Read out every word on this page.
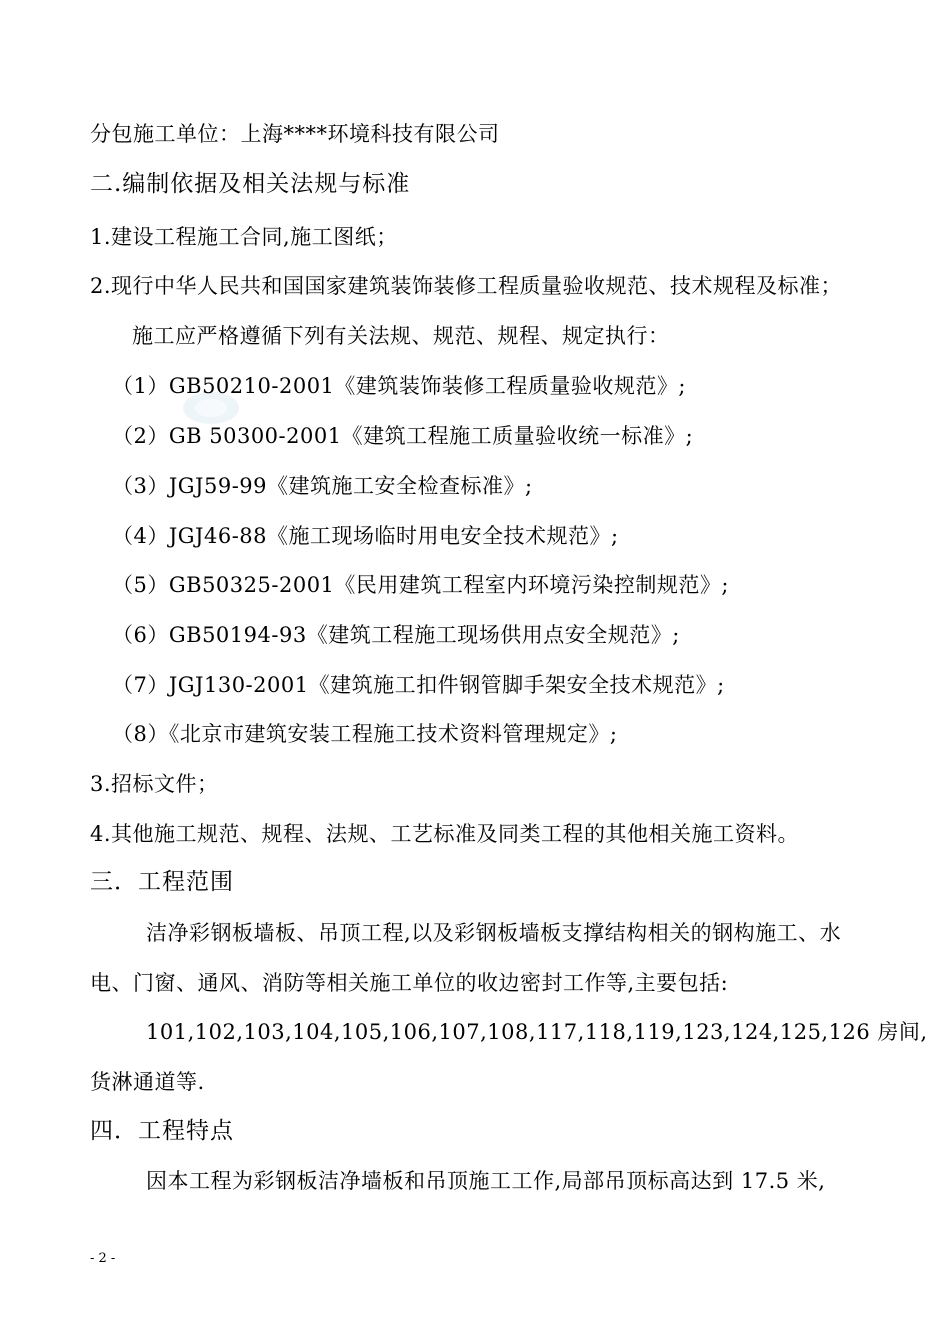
分包施工单位：上海****环境科技有限公司

二.编制依据及相关法规与标准

1.建设工程施工合同,施工图纸；

2.现行中华人民共和国国家建筑装饰装修工程质量验收规范、技术规程及标准；

施工应严格遵循下列有关法规、规范、规程、规定执行：

（1）GB50210-2001《建筑装饰装修工程质量验收规范》;

（2）GB 50300-2001《建筑工程施工质量验收统一标准》;

（3）JGJ59-99《建筑施工安全检查标准》;

（4）JGJ46-88《施工现场临时用电安全技术规范》;

（5）GB50325-2001《民用建筑工程室内环境污染控制规范》;

（6）GB50194-93《建筑工程施工现场供用点安全规范》;

（7）JGJ130-2001《建筑施工扣件钢管脚手架安全技术规范》;

（8）《北京市建筑安装工程施工技术资料管理规定》;

3.招标文件；

4.其他施工规范、规程、法规、工艺标准及同类工程的其他相关施工资料。

三．工程范围

洁净彩钢板墙板、吊顶工程,以及彩钢板墙板支撑结构相关的钢构施工、水

电、门窗、通风、消防等相关施工单位的收边密封工作等,主要包括:

101,102,103,104,105,106,107,108,117,118,119,123,124,125,126 房间,

货淋通道等.

四．工程特点

因本工程为彩钢板洁净墙板和吊顶施工工作,局部吊顶标高达到 17.5 米,

- 2 -
